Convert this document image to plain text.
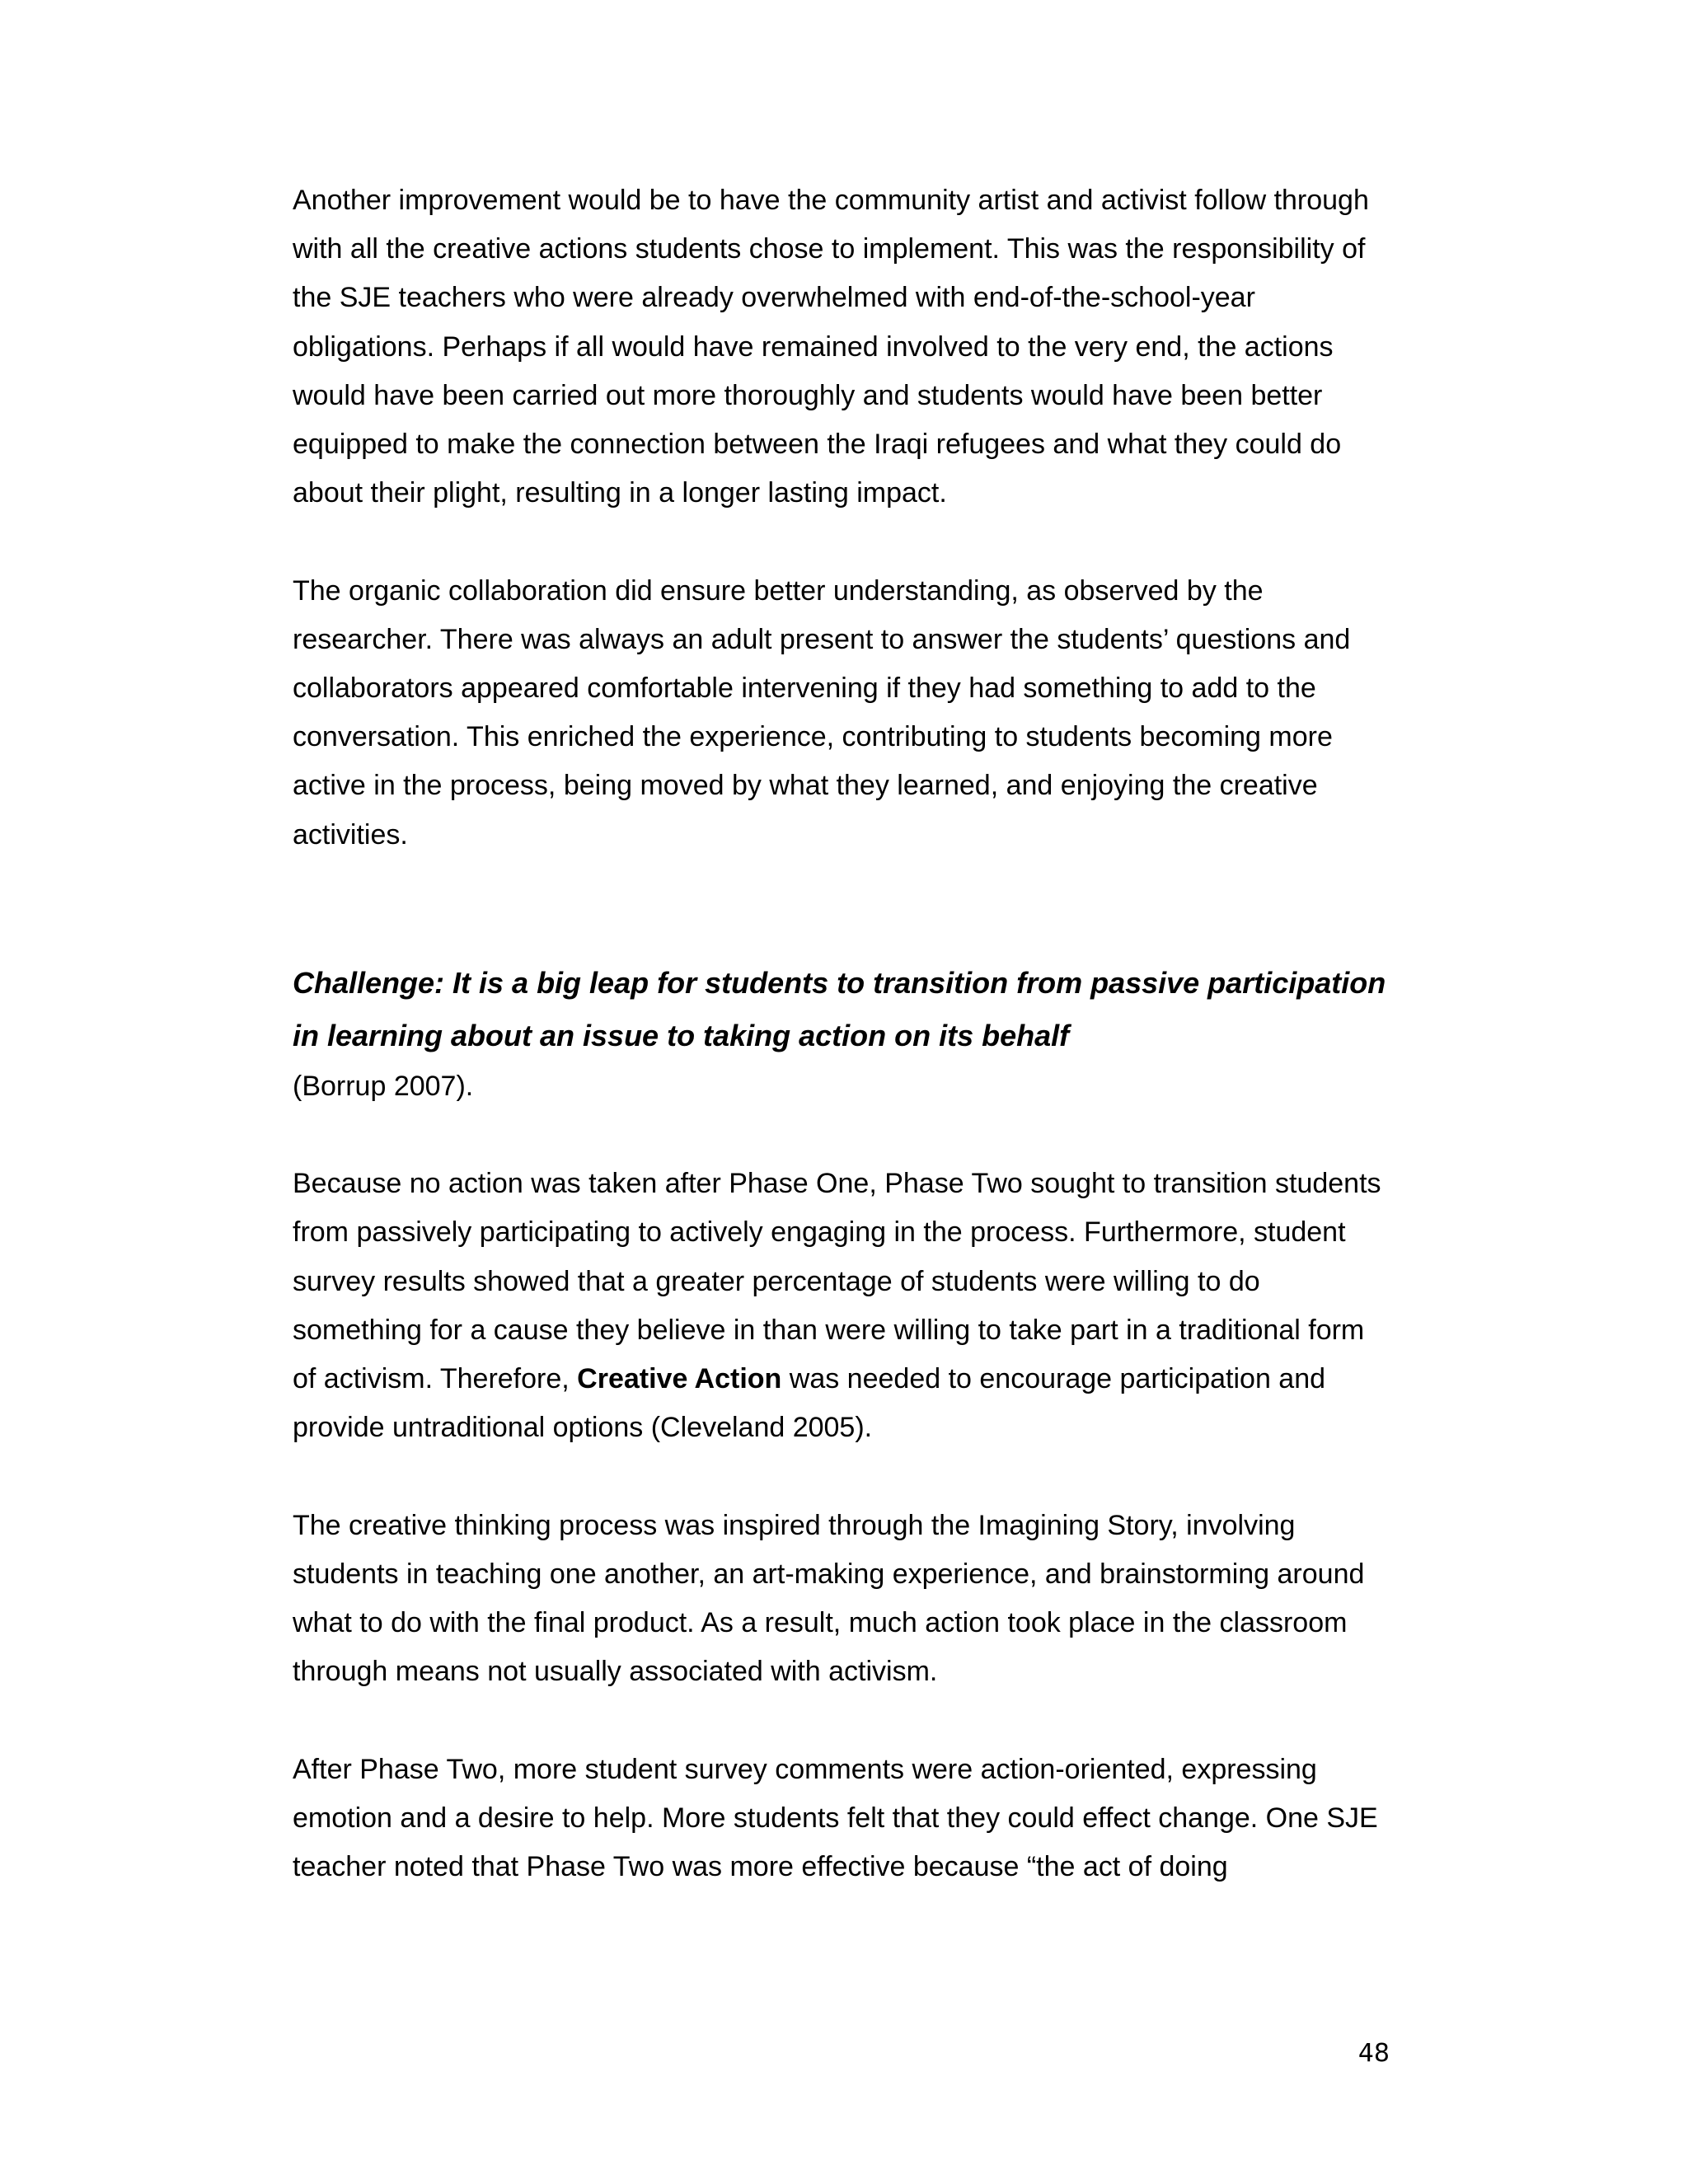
Another improvement would be to have the community artist and activist follow through with all the creative actions students chose to implement. This was the responsibility of the SJE teachers who were already overwhelmed with end-of-the-school-year obligations. Perhaps if all would have remained involved to the very end, the actions would have been carried out more thoroughly and students would have been better equipped to make the connection between the Iraqi refugees and what they could do about their plight, resulting in a longer lasting impact.

The organic collaboration did ensure better understanding, as observed by the researcher. There was always an adult present to answer the students’ questions and collaborators appeared comfortable intervening if they had something to add to the conversation. This enriched the experience, contributing to students becoming more active in the process, being moved by what they learned, and enjoying the creative activities.

Challenge: It is a big leap for students to transition from passive participation in learning about an issue to taking action on its behalf

(Borrup 2007).

Because no action was taken after Phase One, Phase Two sought to transition students from passively participating to actively engaging in the process. Furthermore, student survey results showed that a greater percentage of students were willing to do something for a cause they believe in than were willing to take part in a traditional form of activism. Therefore, Creative Action was needed to encourage participation and provide untraditional options (Cleveland 2005).

The creative thinking process was inspired through the Imagining Story, involving students in teaching one another, an art-making experience, and brainstorming around what to do with the final product. As a result, much action took place in the classroom through means not usually associated with activism.

After Phase Two, more student survey comments were action-oriented, expressing emotion and a desire to help. More students felt that they could effect change. One SJE teacher noted that Phase Two was more effective because “the act of doing

48
